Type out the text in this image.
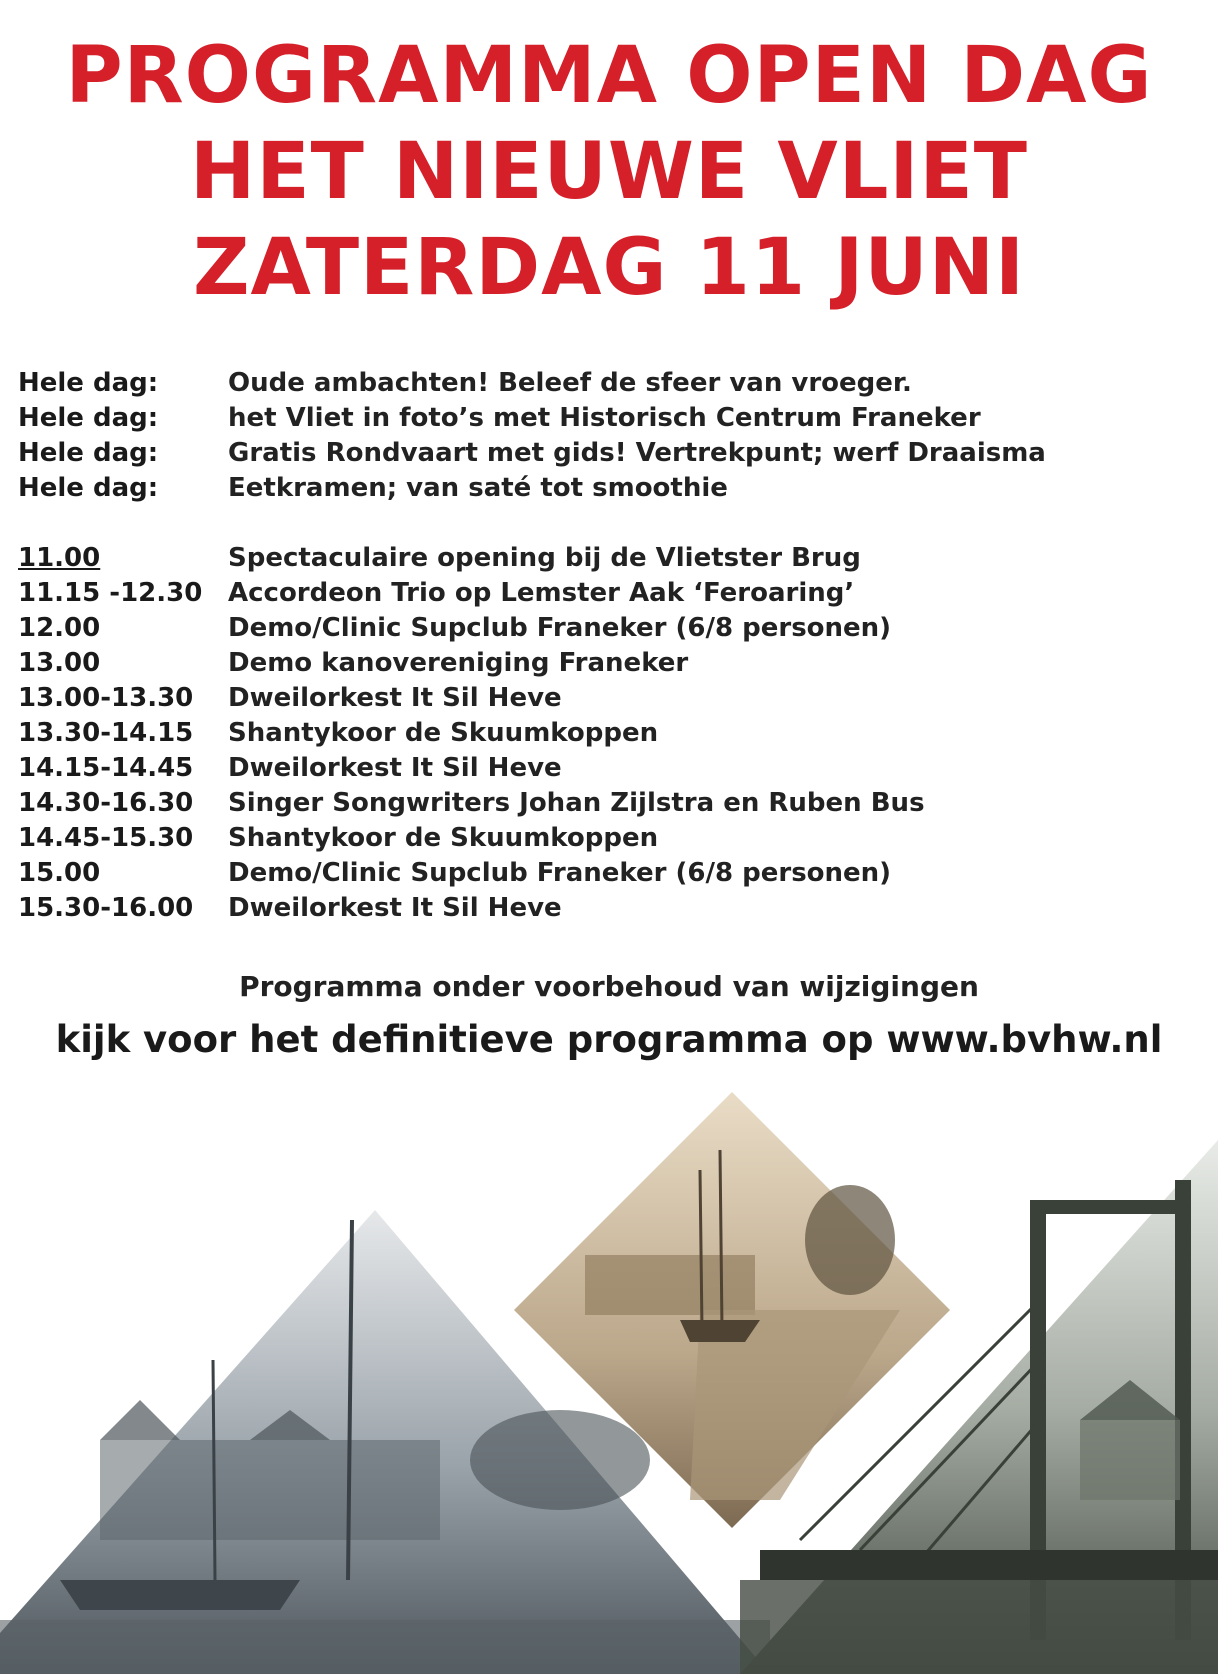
PROGRAMMA OPEN DAG
HET NIEUWE VLIET
ZATERDAG 11 JUNI
Hele dag:	Oude ambachten! Beleef de sfeer van vroeger.
Hele dag:	het Vliet in foto’s met Historisch Centrum Franeker
Hele dag:	Gratis Rondvaart met gids! Vertrekpunt; werf Draaisma
Hele dag:	Eetkramen; van saté tot smoothie
11.00	Spectaculaire opening bij de Vlietster Brug
11.15 -12.30 Accordeon Trio op Lemster Aak ‘Feroaring’
12.00	Demo/Clinic Supclub Franeker (6/8 personen)
13.00	Demo kanovereniging Franeker
13.00-13.30	Dweilorkest It Sil Heve
13.30-14.15	Shantykoor de Skuumkoppen
14.15-14.45	Dweilorkest It Sil Heve
14.30-16.30	Singer Songwriters Johan Zijlstra en Ruben Bus
14.45-15.30	Shantykoor de Skuumkoppen
15.00	Demo/Clinic Supclub Franeker (6/8 personen)
15.30-16.00	Dweilorkest It Sil Heve
Programma onder voorbehoud van wijzigingen
kijk voor het definitieve programma op www.bvhw.nl
